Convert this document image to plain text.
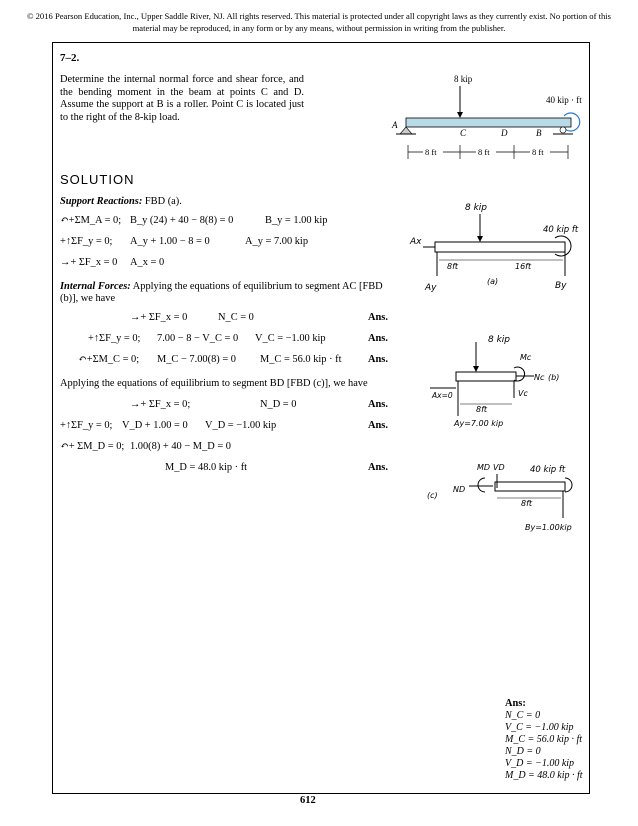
© 2016 Pearson Education, Inc., Upper Saddle River, NJ. All rights reserved. This material is protected under all copyright laws as they currently exist. No portion of this material may be reproduced, in any form or by any means, without permission in writing from the publisher.
7–2.
Determine the internal normal force and shear force, and the bending moment in the beam at points C and D. Assume the support at B is a roller. Point C is located just to the right of the 8-kip load.
8 kip
40 kip · ft
A
C	D	B
8 ft	8 ft	8 ft
SOLUTION
Support Reactions: FBD (a).
↶+ΣM_A = 0; B_y (24) + 40 − 8(8) = 0	B_y = 1.00 kip
+↑ΣF_y = 0; A_y + 1.00 − 8 = 0	A_y = 7.00 kip
→+ ΣF_x = 0 A_x = 0
Internal Forces: Applying the equations of equilibrium to segment AC [FBD (b)], we have
→+ ΣF_x = 0	N_C = 0	Ans.
+↑ΣF_y = 0; 7.00 − 8 − V_C = 0 V_C = −1.00 kip	Ans.
↶+ΣM_C = 0; M_C − 7.00(8) = 0 M_C = 56.0 kip · ft	Ans.
Applying the equations of equilibrium to segment BD [FBD (c)], we have
→+ ΣF_x = 0;	N_D = 0	Ans.
+↑ΣF_y = 0; V_D + 1.00 = 0 V_D = −1.00 kip	Ans.
↶+ ΣM_D = 0; 1.00(8) + 40 − M_D = 0
M_D = 48.0 kip · ft	Ans.
8 kip
40 kip ft
Ax
Ay	By
8ft	16ft
(a)
8 kip
Mc
Nc (b)
Vc
Ax=0
Ay=7.00 kip
8ft
MD VD	40 kip ft
ND
(c)
8ft
By=1.00kip
Ans:
N_C = 0
V_C = −1.00 kip
M_C = 56.0 kip · ft
N_D = 0
V_D = −1.00 kip
M_D = 48.0 kip · ft
612
